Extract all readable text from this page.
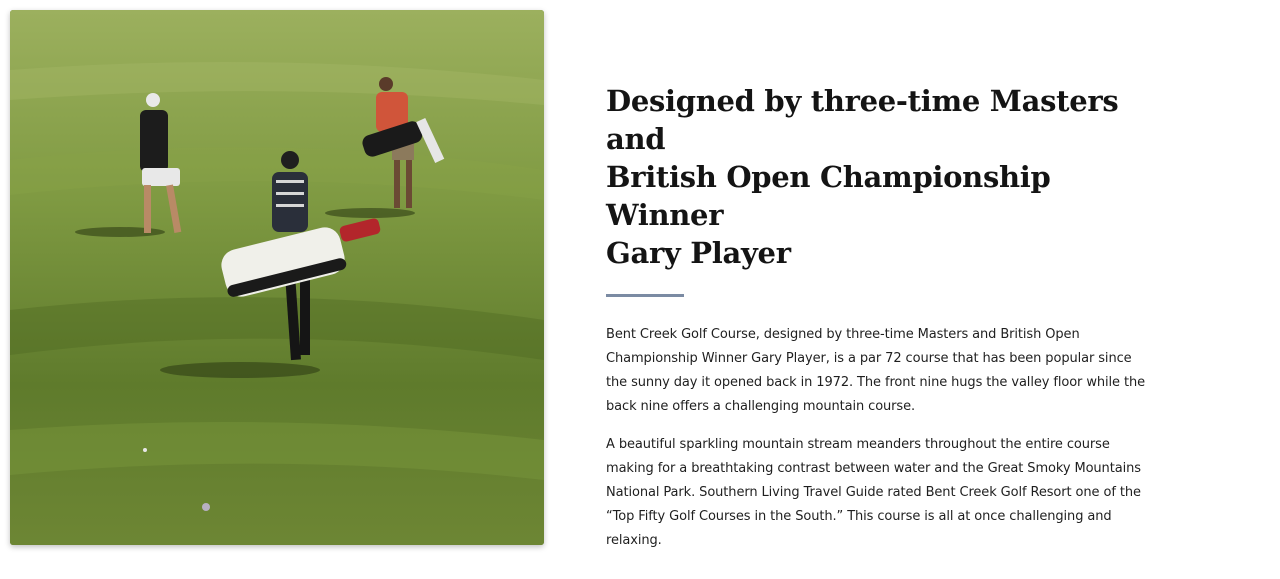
Designed by three-time Masters and
British Open Championship Winner
Gary Player

Bent Creek Golf Course, designed by three-time Masters and British Open Championship Winner Gary Player, is a par 72 course that has been popular since the sunny day it opened back in 1972. The front nine hugs the valley floor while the back nine offers a challenging mountain course.

A beautiful sparkling mountain stream meanders throughout the entire course making for a breathtaking contrast between water and the Great Smoky Mountains National Park. Southern Living Travel Guide rated Bent Creek Golf Resort one of the “Top Fifty Golf Courses in the South.” This course is all at once challenging and relaxing.
